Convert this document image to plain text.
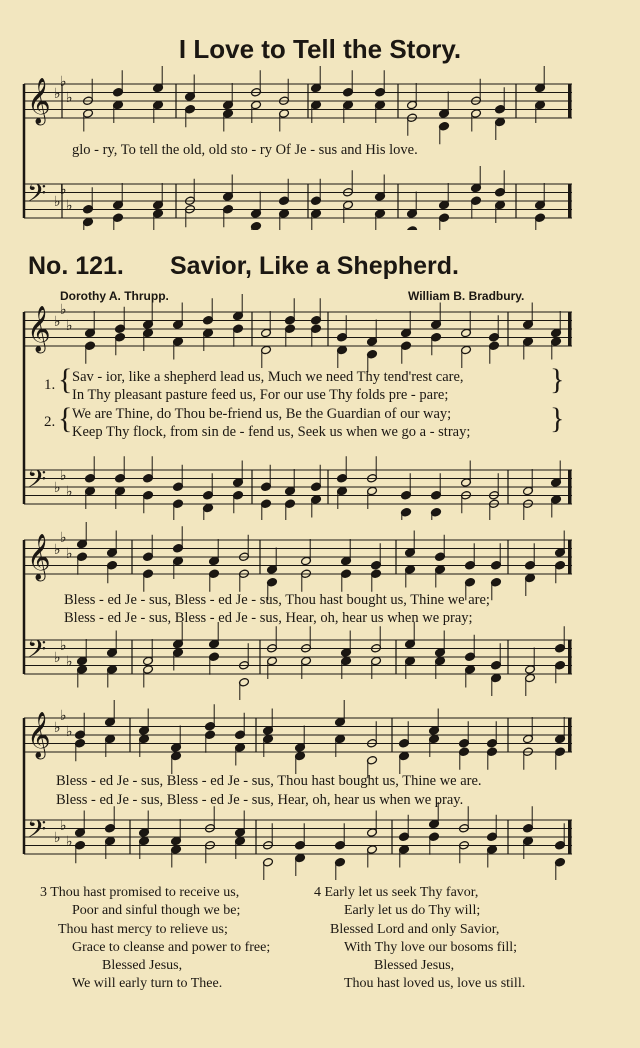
I Love to Tell the Story.
𝄞
𝄢
♭
♭
♭
♭
♭
♭
glo - ry, To tell the old, old sto - ry Of Je - sus and His love.
No. 121. Savior, Like a Shepherd.
Dorothy A. Thrupp.	William B. Bradbury.
𝄞
𝄢
♭
♭
♭
♭
♭
♭
1.
2.
{
{
}
}
Sav - ior, like a shepherd lead us, Much we need Thy tend'rest care,
In Thy pleasant pasture feed us, For our use Thy folds pre - pare;
We are Thine, do Thou be-friend us, Be the Guardian of our way;
Keep Thy flock, from sin de - fend us, Seek us when we go a - stray;
𝄞
𝄢
♭
♭
♭
♭
♭
♭
Bless - ed Je - sus, Bless - ed Je - sus, Thou hast bought us, Thine we are;
Bless - ed Je - sus, Bless - ed Je - sus, Hear, oh, hear us when we pray;
𝄞
𝄢
♭
♭
♭
♭
♭
♭
Bless - ed Je - sus, Bless - ed Je - sus, Thou hast bought us, Thine we are.
Bless - ed Je - sus, Bless - ed Je - sus, Hear, oh, hear us when we pray.
3 Thou hast promised to receive us,
Poor and sinful though we be;
Thou hast mercy to relieve us;
Grace to cleanse and power to free;
Blessed Jesus,
We will early turn to Thee.
4 Early let us seek Thy favor,
Early let us do Thy will;
Blessed Lord and only Savior,
With Thy love our bosoms fill;
Blessed Jesus,
Thou hast loved us, love us still.
